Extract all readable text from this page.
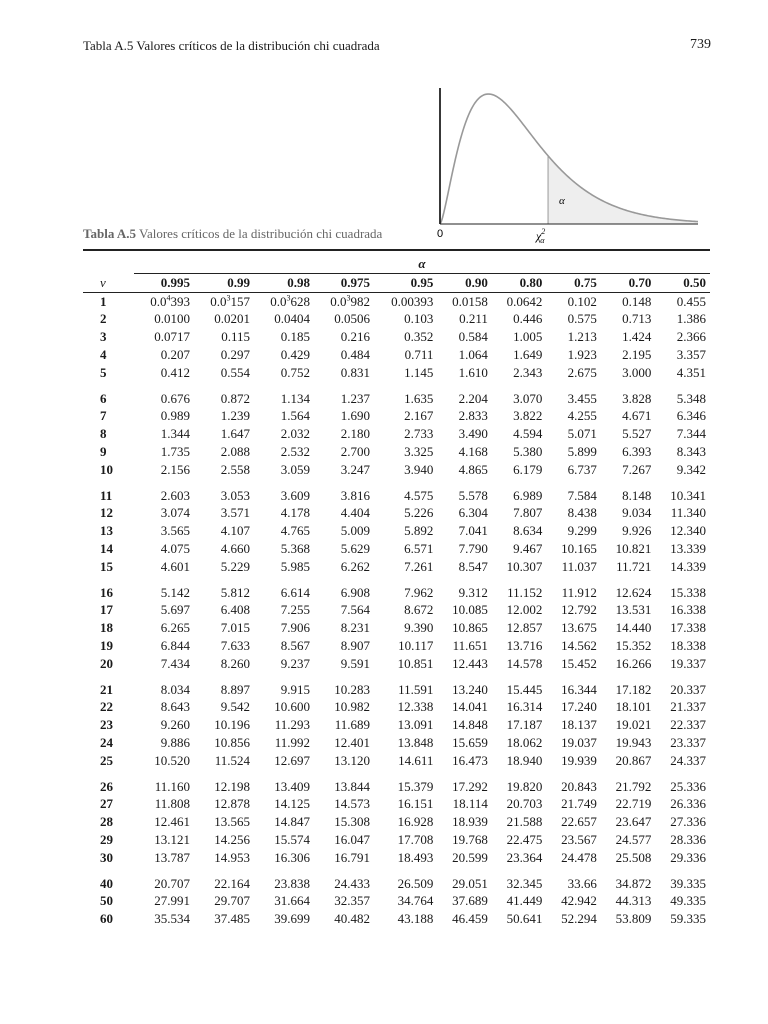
Tabla A.5 Valores críticos de la distribución chi cuadrada	739
0
α
$\chi^2$ α
Tabla A.5 Valores críticos de la distribución chi cuadrada

	α									
v	0.995	0.99	0.98	0.975	0.95	0.90	0.80	0.75	0.70	0.50
1	$0.0^4393$	$0.0^3157$	$0.0^3628$	$0.0^3982$	0.00393	0.0158	0.0642	0.102	0.148	0.455
2	0.0100	0.0201	0.0404	0.0506	0.103	0.211	0.446	0.575	0.713	1.386
3	0.0717	0.115	0.185	0.216	0.352	0.584	1.005	1.213	1.424	2.366
4	0.207	0.297	0.429	0.484	0.711	1.064	1.649	1.923	2.195	3.357
5	0.412	0.554	0.752	0.831	1.145	1.610	2.343	2.675	3.000	4.351

6	0.676	0.872	1.134	1.237	1.635	2.204	3.070	3.455	3.828	5.348
7	0.989	1.239	1.564	1.690	2.167	2.833	3.822	4.255	4.671	6.346
8	1.344	1.647	2.032	2.180	2.733	3.490	4.594	5.071	5.527	7.344
9	1.735	2.088	2.532	2.700	3.325	4.168	5.380	5.899	6.393	8.343
10	2.156	2.558	3.059	3.247	3.940	4.865	6.179	6.737	7.267	9.342

11	2.603	3.053	3.609	3.816	4.575	5.578	6.989	7.584	8.148	10.341
12	3.074	3.571	4.178	4.404	5.226	6.304	7.807	8.438	9.034	11.340
13	3.565	4.107	4.765	5.009	5.892	7.041	8.634	9.299	9.926	12.340
14	4.075	4.660	5.368	5.629	6.571	7.790	9.467	10.165	10.821	13.339
15	4.601	5.229	5.985	6.262	7.261	8.547	10.307	11.037	11.721	14.339

16	5.142	5.812	6.614	6.908	7.962	9.312	11.152	11.912	12.624	15.338
17	5.697	6.408	7.255	7.564	8.672	10.085	12.002	12.792	13.531	16.338
18	6.265	7.015	7.906	8.231	9.390	10.865	12.857	13.675	14.440	17.338
19	6.844	7.633	8.567	8.907	10.117	11.651	13.716	14.562	15.352	18.338
20	7.434	8.260	9.237	9.591	10.851	12.443	14.578	15.452	16.266	19.337

21	8.034	8.897	9.915	10.283	11.591	13.240	15.445	16.344	17.182	20.337
22	8.643	9.542	10.600	10.982	12.338	14.041	16.314	17.240	18.101	21.337
23	9.260	10.196	11.293	11.689	13.091	14.848	17.187	18.137	19.021	22.337
24	9.886	10.856	11.992	12.401	13.848	15.659	18.062	19.037	19.943	23.337
25	10.520	11.524	12.697	13.120	14.611	16.473	18.940	19.939	20.867	24.337

26	11.160	12.198	13.409	13.844	15.379	17.292	19.820	20.843	21.792	25.336
27	11.808	12.878	14.125	14.573	16.151	18.114	20.703	21.749	22.719	26.336
28	12.461	13.565	14.847	15.308	16.928	18.939	21.588	22.657	23.647	27.336
29	13.121	14.256	15.574	16.047	17.708	19.768	22.475	23.567	24.577	28.336
30	13.787	14.953	16.306	16.791	18.493	20.599	23.364	24.478	25.508	29.336

40	20.707	22.164	23.838	24.433	26.509	29.051	32.345	33.66	34.872	39.335
50	27.991	29.707	31.664	32.357	34.764	37.689	41.449	42.942	44.313	49.335
60	35.534	37.485	39.699	40.482	43.188	46.459	50.641	52.294	53.809	59.335
